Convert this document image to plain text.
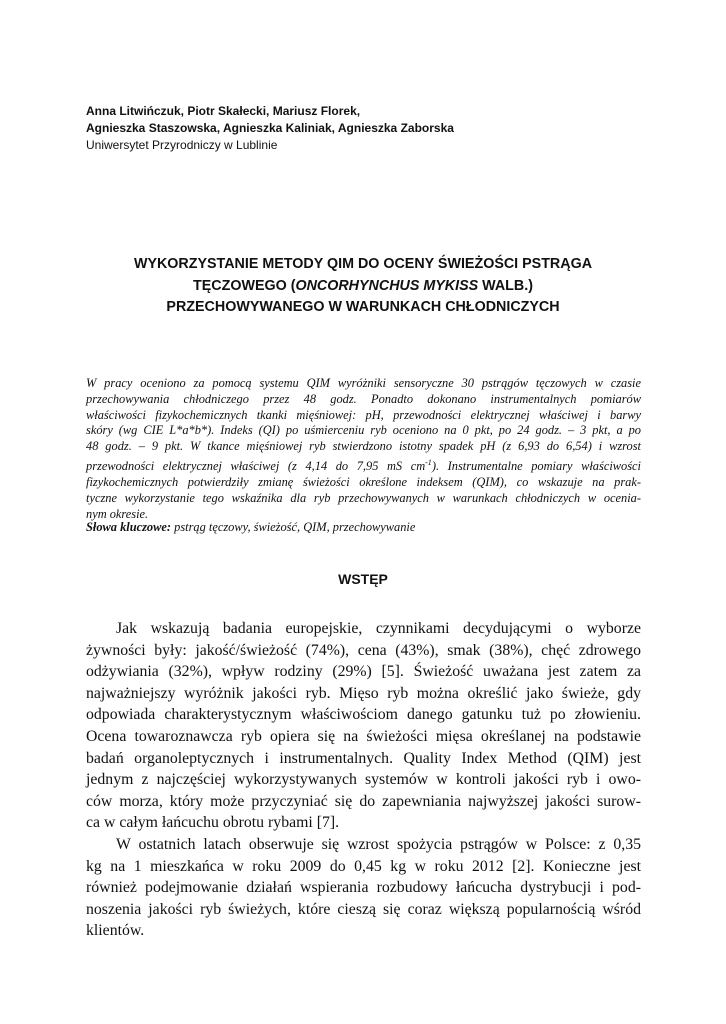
Anna Litwińczuk, Piotr Skałecki, Mariusz Florek,
Agnieszka Staszowska, Agnieszka Kaliniak, Agnieszka Zaborska
Uniwersytet Przyrodniczy w Lublinie
WYKORZYSTANIE METODY QIM DO OCENY ŚWIEŻOŚCI PSTRĄGA
TĘCZOWEGO (ONCORHYNCHUS MYKISS WALB.)
PRZECHOWYWANEGO W WARUNKACH CHŁODNICZYCH
W pracy oceniono za pomocą systemu QIM wyróżniki sensoryczne 30 pstrągów tęczowych w czasie
przechowywania chłodniczego przez 48 godz. Ponadto dokonano instrumentalnych pomiarów
właściwości fizykochemicznych tkanki mięśniowej: pH, przewodności elektrycznej właściwej i barwy
skóry (wg CIE L*a*b*). Indeks (QI) po uśmierceniu ryb oceniono na 0 pkt, po 24 godz. – 3 pkt, a po
48 godz. – 9 pkt. W tkance mięśniowej ryb stwierdzono istotny spadek pH (z 6,93 do 6,54) i wzrost
przewodności elektrycznej właściwej (z 4,14 do 7,95 mS $cm^{-1}$). Instrumentalne pomiary właściwości
fizykochemicznych potwierdziły zmianę świeżości określone indeksem (QIM), co wskazuje na prak-
tyczne wykorzystanie tego wskaźnika dla ryb przechowywanych w warunkach chłodniczych w ocenia-
nym okresie.
Słowa kluczowe: pstrąg tęczowy, świeżość, QIM, przechowywanie
WSTĘP
Jak wskazują badania europejskie, czynnikami decydującymi o wyborze
żywności były: jakość/świeżość (74%), cena (43%), smak (38%), chęć zdrowego
odżywiania (32%), wpływ rodziny (29%) [5]. Świeżość uważana jest zatem za
najważniejszy wyróżnik jakości ryb. Mięso ryb można określić jako świeże, gdy
odpowiada charakterystycznym właściwościom danego gatunku tuż po złowieniu.
Ocena towaroznawcza ryb opiera się na świeżości mięsa określanej na podstawie
badań organoleptycznych i instrumentalnych. Quality Index Method (QIM) jest
jednym z najczęściej wykorzystywanych systemów w kontroli jakości ryb i owo-
ców morza, który może przyczyniać się do zapewniania najwyższej jakości surow-
ca w całym łańcuchu obrotu rybami [7].
W ostatnich latach obserwuje się wzrost spożycia pstrągów w Polsce: z 0,35
kg na 1 mieszkańca w roku 2009 do 0,45 kg w roku 2012 [2]. Konieczne jest
również podejmowanie działań wspierania rozbudowy łańcucha dystrybucji i pod-
noszenia jakości ryb świeżych, które cieszą się coraz większą popularnością wśród
klientów.
